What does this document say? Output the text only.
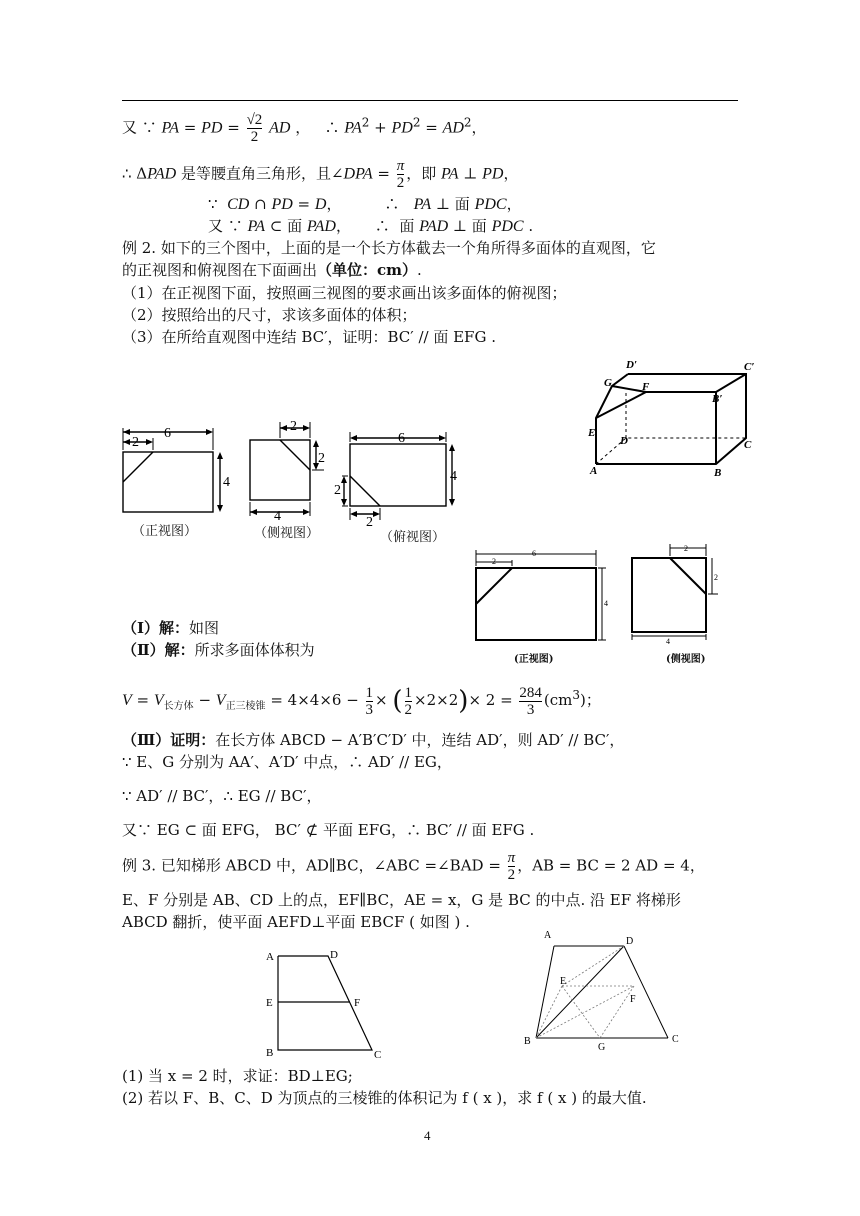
又 ∵ PA = PD = $\frac{√2}{2}$ AD ，   ∴ $PA^2 + PD^2 = AD^2$，
∴ ΔPAD 是等腰直角三角形，且∠DPA = $\frac{\pi}{2}$ ，即 PA ⊥ PD，
∵  CD ∩ PD = D，         ∴   PA ⊥ 面 PDC，
又 ∵ PA ⊂ 面 PAD，     ∴  面 PAD ⊥ 面 PDC .
例 2. 如下的三个图中，上面的是一个长方体截去一个角所得多面体的直观图，它
的正视图和俯视图在下面画出（单位：cm）.
（1）在正视图下面，按照画三视图的要求画出该多面体的俯视图；
（2）按照给出的尺寸，求该多面体的体积；
（3）在所给直观图中连结 BC′，证明：BC′ // 面 EFG .
D′	C′
G	F
B′
E
D	C
A	B
6
2
4
（正视图）
2
2
4
（侧视图）
6
4
2
2
（俯视图）
6
2
4
(正视图)
2
2
4
(侧视图)
（Ⅰ）解：如图
（Ⅱ）解：所求多面体体积为
$V = V_{长方体} - V_{正三棱锥} = 4\times 4\times 6 - \frac{1}{3}$ × ( $\frac{1}{2} \times 2\times 2)\times 2 = \frac{284}{3} (cm^3)$；
（Ⅲ）证明：在长方体 ABCD − A′B′C′D′ 中，连结 AD′，则 AD′ // BC′，
∵ E、G 分别为 AA′、A′D′ 中点，∴ AD′ // EG，
∵ AD′ // BC′，∴ EG // BC′，
又∵ EG ⊂ 面 EFG， BC′ ⊄ 平面 EFG，∴ BC′ // 面 EFG .
例 3. 已知梯形 ABCD 中，AD∥BC，∠ABC =∠BAD = $\frac{\pi}{2}$ ，AB = BC = 2 AD = 4，
E、F 分别是 AB、CD 上的点，EF∥BC，AE = x，G 是 BC 的中点. 沿 EF 将梯形
ABCD 翻折，使平面 AEFD⊥平面 EBCF ( 如图 ) .
A	D
E	F
B	C
A
D
E
F
B
G
C
(1) 当 x = 2 时，求证：BD⊥EG;
(2) 若以 F、B、C、D 为顶点的三棱锥的体积记为 f ( x )，求 f ( x ) 的最大值.
4
